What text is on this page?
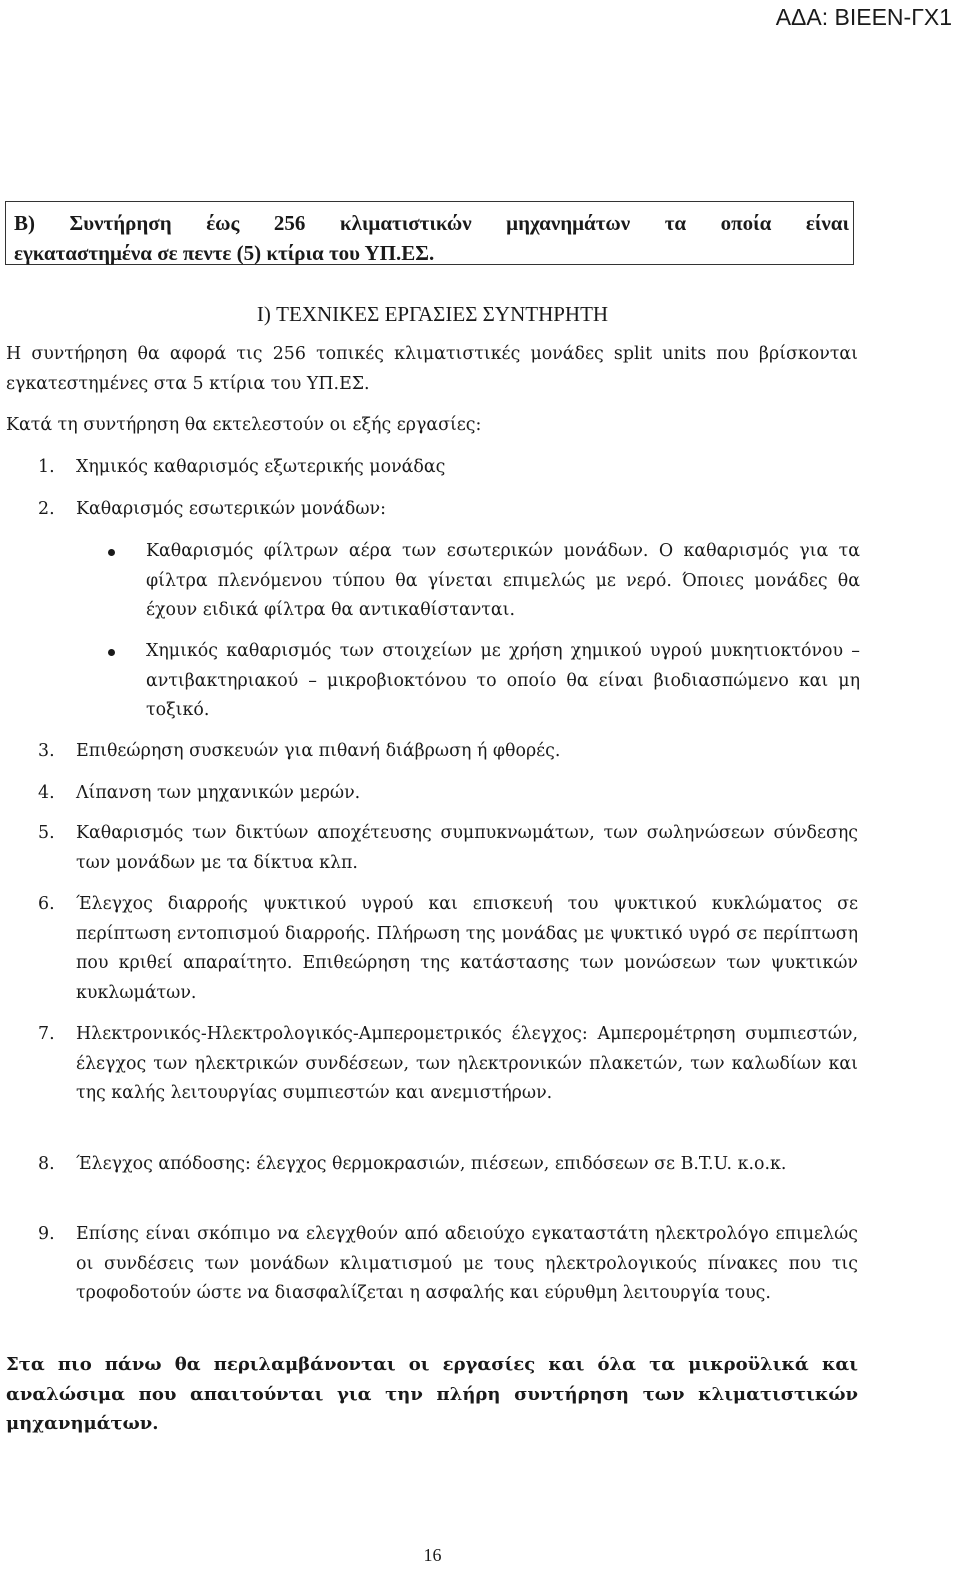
ΑΔΑ: ΒΙΕΕΝ-ΓΧ1
B) Συντήρηση έως 256 κλιματιστικών μηχανημάτων τα οποία είναι
εγκαταστημένα σε πεντε (5) κτίρια του ΥΠ.ΕΣ.
I) ΤΕΧΝΙΚΕΣ ΕΡΓΑΣΙΕΣ ΣΥΝΤΗΡΗΤΗ
Η συντήρηση θα αφορά τις 256 τοπικές κλιματιστικές μονάδες split units που βρίσκονται εγκατεστημένες στα 5 κτίρια του ΥΠ.ΕΣ.
Κατά τη συντήρηση θα εκτελεστούν οι εξής εργασίες:
1.	Χημικός καθαρισμός εξωτερικής μονάδας
2.	Καθαρισμός εσωτερικών μονάδων:
Καθαρισμός φίλτρων αέρα των εσωτερικών μονάδων. Ο καθαρισμός για τα φίλτρα πλενόμενου τύπου θα γίνεται επιμελώς με νερό. Όποιες μονάδες θα έχουν ειδικά φίλτρα θα αντικαθίστανται.
Χημικός καθαρισμός των στοιχείων με χρήση χημικού υγρού μυκητιοκτόνου – αντιβακτηριακού – μικροβιοκτόνου το οποίο θα είναι βιοδιασπώμενο και μη τοξικό.
3.	Επιθεώρηση συσκευών για πιθανή διάβρωση ή φθορές.
4.	Λίπανση των μηχανικών μερών.
5.	Καθαρισμός των δικτύων αποχέτευσης συμπυκνωμάτων, των σωληνώσεων σύνδεσης των μονάδων με τα δίκτυα κλπ.
6.	Έλεγχος διαρροής ψυκτικού υγρού και επισκευή του ψυκτικού κυκλώματος σε περίπτωση εντοπισμού διαρροής. Πλήρωση της μονάδας με ψυκτικό υγρό σε περίπτωση που κριθεί απαραίτητο. Επιθεώρηση της κατάστασης των μονώσεων των ψυκτικών κυκλωμάτων.
7.	Ηλεκτρονικός-Ηλεκτρολογικός-Αμπερομετρικός έλεγχος: Αμπερομέτρηση συμπιεστών, έλεγχος των ηλεκτρικών συνδέσεων, των ηλεκτρονικών πλακετών, των καλωδίων και της καλής λειτουργίας συμπιεστών και ανεμιστήρων.
8.	Έλεγχος απόδοσης: έλεγχος θερμοκρασιών, πιέσεων, επιδόσεων σε B.T.U. κ.ο.κ.
9.	Επίσης είναι σκόπιμο να ελεγχθούν από αδειούχο εγκαταστάτη ηλεκτρολόγο επιμελώς οι συνδέσεις των μονάδων κλιματισμού με τους ηλεκτρολογικούς πίνακες που τις τροφοδοτούν ώστε να διασφαλίζεται η ασφαλής και εύρυθμη λειτουργία τους.
Στα πιο πάνω θα περιλαμβάνονται οι εργασίες και όλα τα μικροϋλικά και αναλώσιμα που απαιτούνται για την πλήρη συντήρηση των κλιματιστικών μηχανημάτων.
16
